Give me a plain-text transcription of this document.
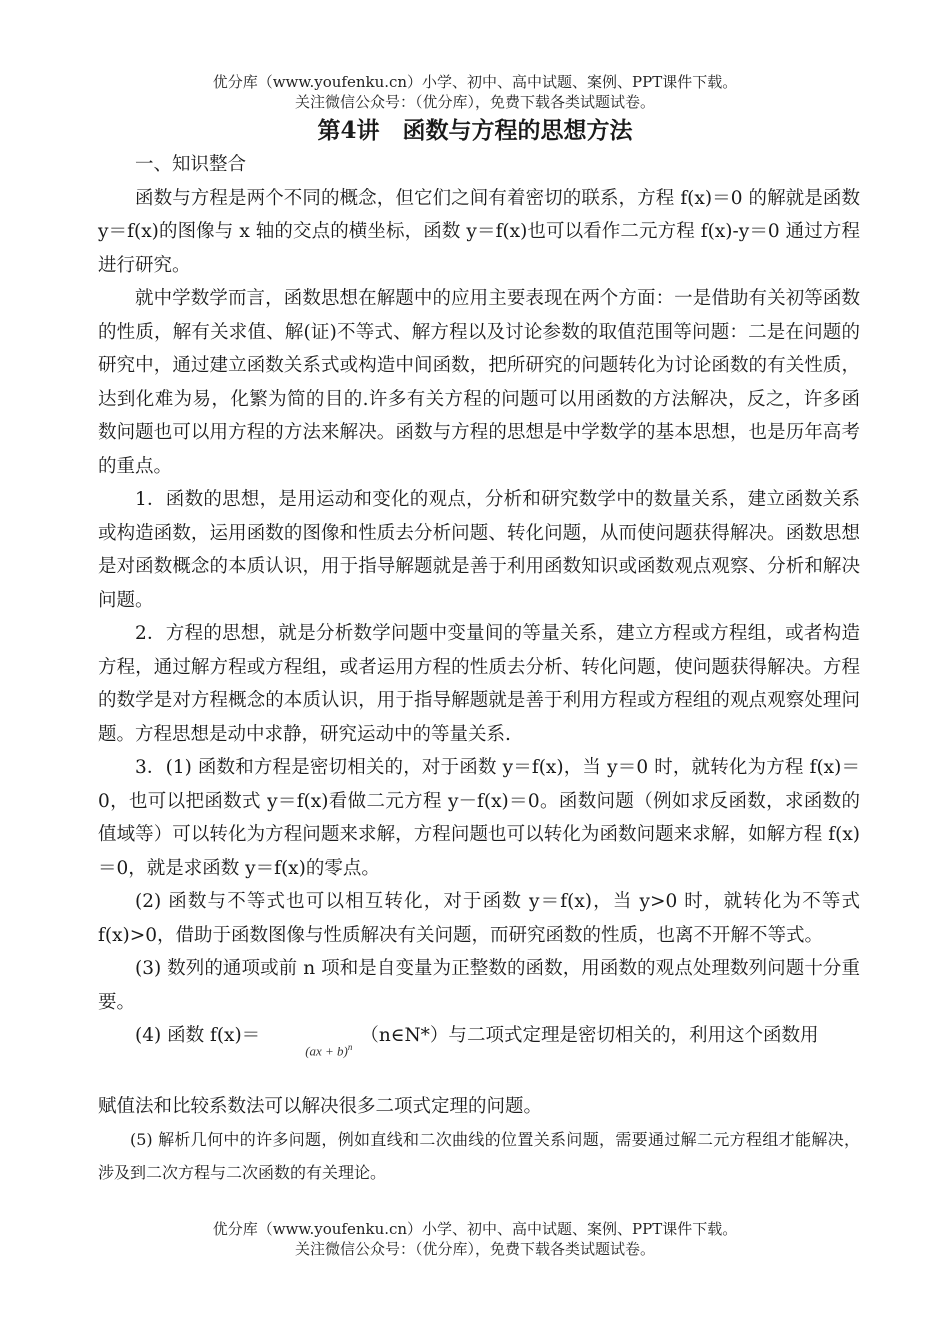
优分库（www.youfenku.cn）小学、初中、高中试题、案例、PPT课件下载。
关注微信公众号：（优分库），免费下载各类试题试卷。
第4讲　函数与方程的思想方法

一、知识整合

函数与方程是两个不同的概念，但它们之间有着密切的联系，方程 f(x)＝0 的解就是函数 y＝f(x)的图像与 x 轴的交点的横坐标，函数 y＝f(x)也可以看作二元方程 f(x)-y＝0 通过方程进行研究。

就中学数学而言，函数思想在解题中的应用主要表现在两个方面：一是借助有关初等函数的性质，解有关求值、解(证)不等式、解方程以及讨论参数的取值范围等问题：二是在问题的研究中，通过建立函数关系式或构造中间函数，把所研究的问题转化为讨论函数的有关性质，达到化难为易，化繁为简的目的.许多有关方程的问题可以用函数的方法解决，反之，许多函数问题也可以用方程的方法来解决。函数与方程的思想是中学数学的基本思想，也是历年高考的重点。

1．函数的思想，是用运动和变化的观点，分析和研究数学中的数量关系，建立函数关系或构造函数，运用函数的图像和性质去分析问题、转化问题，从而使问题获得解决。函数思想是对函数概念的本质认识，用于指导解题就是善于利用函数知识或函数观点观察、分析和解决问题。

2．方程的思想，就是分析数学问题中变量间的等量关系，建立方程或方程组，或者构造方程，通过解方程或方程组，或者运用方程的性质去分析、转化问题，使问题获得解决。方程的数学是对方程概念的本质认识，用于指导解题就是善于利用方程或方程组的观点观察处理问题。方程思想是动中求静，研究运动中的等量关系.

3．(1) 函数和方程是密切相关的，对于函数 y＝f(x)，当 y＝0 时，就转化为方程 f(x)＝0，也可以把函数式 y＝f(x)看做二元方程 y－f(x)＝0。函数问题（例如求反函数，求函数的值域等）可以转化为方程问题来求解，方程问题也可以转化为函数问题来求解，如解方程 f(x)＝0，就是求函数 y＝f(x)的零点。

(2) 函数与不等式也可以相互转化，对于函数 y＝f(x)，当 y>0 时，就转化为不等式 f(x)>0，借助于函数图像与性质解决有关问题，而研究函数的性质，也离不开解不等式。

(3) 数列的通项或前 n 项和是自变量为正整数的函数，用函数的观点处理数列问题十分重要。

(4) 函数 f(x)＝(ax + b)$^n$（n∈N*）与二项式定理是密切相关的，利用这个函数用

赋值法和比较系数法可以解决很多二项式定理的问题。

(5) 解析几何中的许多问题，例如直线和二次曲线的位置关系问题，需要通过解二元方程组才能解决，涉及到二次方程与二次函数的有关理论。

优分库（www.youfenku.cn）小学、初中、高中试题、案例、PPT课件下载。
关注微信公众号：（优分库），免费下载各类试题试卷。
